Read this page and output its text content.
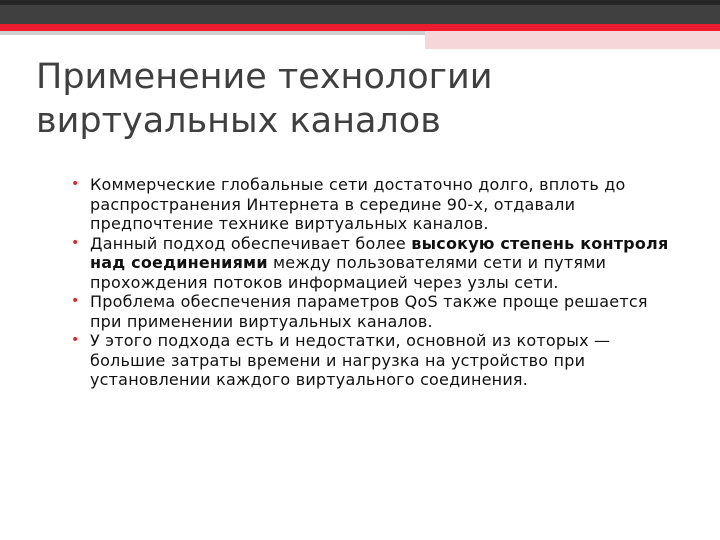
Применение технологии
виртуальных каналов
• Коммерческие глобальные сети достаточно долго, вплоть до распространения Интернета в середине 90-х, отдавали предпочтение технике виртуальных каналов.
• Данный подход обеспечивает более высокую степень контроля над соединениями между пользователями сети и путями прохождения потоков информацией через узлы сети.
• Проблема обеспечения параметров QoS также проще решается при применении виртуальных каналов.
• У этого подхода есть и недостатки, основной из которых — большие затраты времени и нагрузка на устройство при установлении каждого виртуального соединения.
